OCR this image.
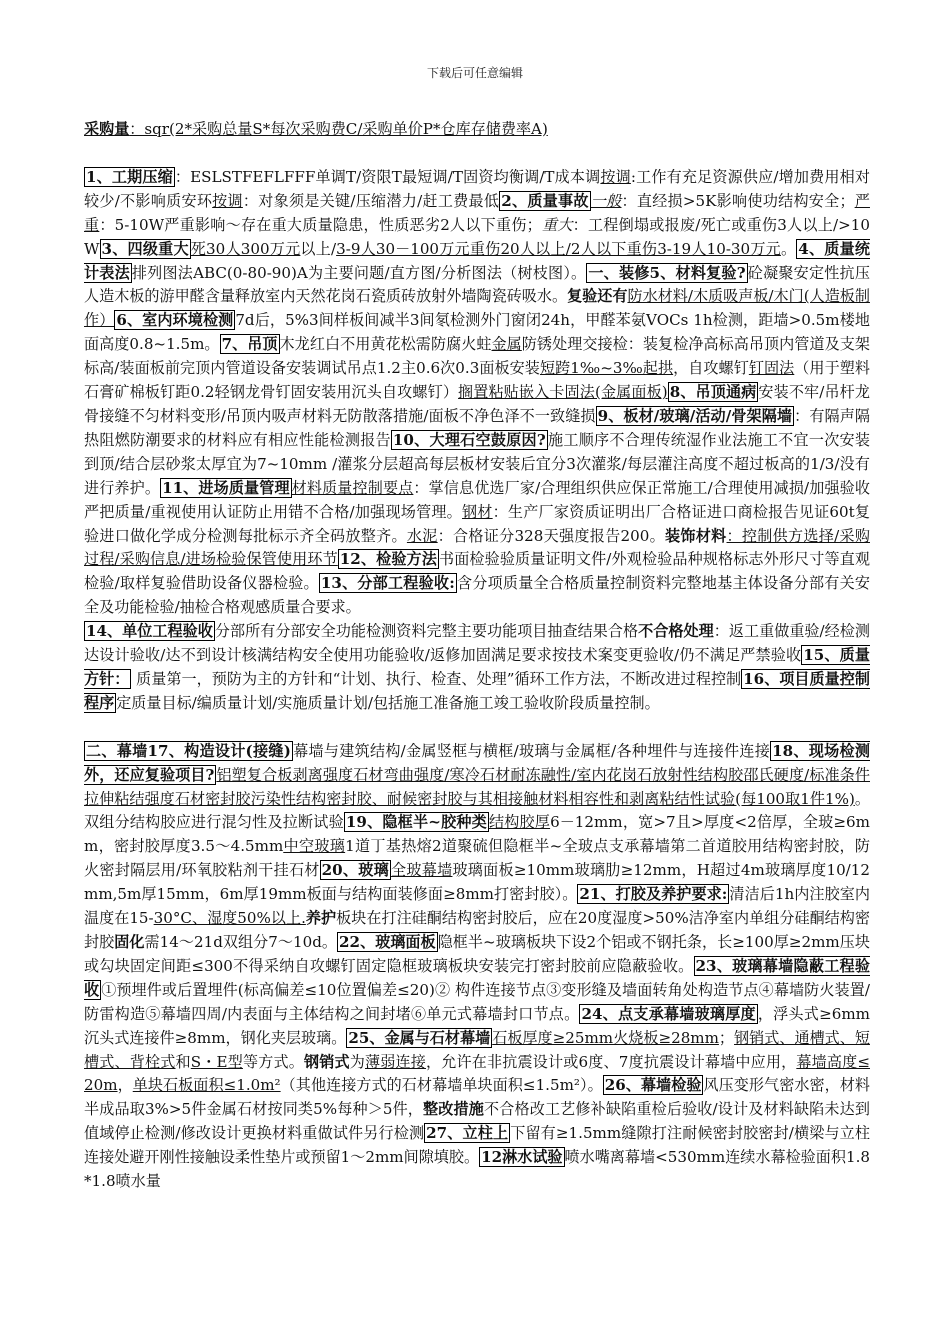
下载后可任意编辑

采购量：sqr(2*采购总量S*每次采购费C/采购单价P*仓库存储费率A)

1、工期压缩 ：ESLSTFEFLFFF单调T/资限T最短调/T固资均衡调/T成本调按调:工作有充足资源供应/增加费用相对较少/不影响质安环按调：对象须是关键/压缩潜力/赶工费最低 2、质量事故 一般：直经损>5K影响使功结构安全；严重：5-10W严重影响～存在重大质量隐患，性质恶劣2人以下重伤；重大：工程倒塌或报废/死亡或重伤3人以上/>10W 3、四级重大 死30人300万元以上/3-9人30－100万元重伤20人以上/2人以下重伤3-19人10-30万元。 4、质量统计表法 排列图法ABC(0-80-90)A为主要问题/直方图/分析图法（树枝图）。 一、装修5、材料复验? 砼凝聚安定性抗压人造木板的游甲醛含量释放室内天然花岗石瓷质砖放射外墙陶瓷砖吸水。复验还有防水材料/木质吸声板/木门(人造板制作） 6、室内环境检测 7d后，5%3间样板间减半3间氡检测外门窗闭24h，甲醛苯氨VOCs 1h检测，距墙>0.5m楼地面高度0.8~1.5m。 7、吊顶 木龙红白不用黄花松需防腐火蛀金属防锈处理交接检：装复检净高标高吊顶内管道及支架标高/装面板前完顶内管道设备安装调试吊点1.2主0.6次0.3面板安装短跨1‰~3‰起拱，自攻螺钉钉固法（用于塑料石膏矿棉板钉距0.2轻钢龙骨钉固安装用沉头自攻螺钉）搁置粘贴嵌入卡固法(金属面板) 8、吊顶通病 安装不牢/吊杆龙骨接缝不匀材料变形/吊顶内吸声材料无防散落措施/面板不净色泽不一致缝损 9、板材/玻璃/活动/骨架隔墙 ：有隔声隔热阻燃防潮要求的材料应有相应性能检测报告 10、大理石空鼓原因? 施工顺序不合理传统湿作业法施工不宜一次安装到顶/结合层砂浆太厚宜为7~10mm /灌浆分层超高每层板材安装后宜分3次灌浆/每层灌注高度不超过板高的1/3/没有进行养护。 11、进场质量管理 材料质量控制要点：掌信息优选厂家/合理组织供应保正常施工/合理使用减损/加强验收严把质量/重视使用认证防止用错不合格/加强现场管理。钢材：生产厂家资质证明出厂合格证进口商检报告见证60t复验进口做化学成分检测每批标示齐全码放整齐。水泥：合格证分328天强度报告200。装饰材料：控制供方选择/采购过程/采购信息/进场检验保管使用环节 12、检验方法 书面检验验质量证明文件/外观检验品种规格标志外形尺寸等直观检验/取样复验借助设备仪器检验。 13、分部工程验收: 含分项质量全合格质量控制资料完整地基主体设备分部有关安全及功能检验/抽检合格观感质量合要求。

14、单位工程验收 分部所有分部安全功能检测资料完整主要功能项目抽查结果合格不合格处理：返工重做重验/经检测达设计验收/达不到设计核满结构安全使用功能验收/返修加固满足要求按技术案变更验收/仍不满足严禁验收 15、质量方针： 质量第一，预防为主的方针和“计划、执行、检查、处理”循环工作方法，不断改进过程控制 16、项目质量控制程序 定质量目标/编质量计划/实施质量计划/包括施工准备施工竣工验收阶段质量控制。

二、幕墙17、构造设计(接缝) 幕墙与建筑结构/金属竖框与横框/玻璃与金属框/各种埋件与连接件连接 18、现场检测外，还应复验项目? 铝塑复合板剥离强度石材弯曲强度/寒冷石材耐冻融性/室内花岗石放射性结构胶邵氏硬度/标准条件拉伸粘结强度石材密封胶污染性结构密封胶、耐候密封胶与其相接触材料相容性和剥离粘结性试验(每100取1件1%)。双组分结构胶应进行混匀性及拉断试验 19、隐框半~胶种类 结构胶厚6－12mm，宽>7且>厚度<2倍厚，全玻≥6mm，密封胶厚度3.5～4.5mm中空玻璃1道丁基热熔2道聚硫但隐框半~全玻点支承幕墙第二首道胶用结构密封胶，防火密封隔层用/环氧胶粘剂干挂石材 20、玻璃 全玻幕墙玻璃面板≥10mm玻璃肋≥12mm，H超过4m玻璃厚度10/12mm,5m厚15mm，6m厚19mm板面与结构面装修面≥8mm打密封胶）。 21、打胶及养护要求: 清洁后1h内注胶室内温度在15-30°C、湿度50%以上.养护板块在打注硅酮结构密封胶后，应在20度湿度>50%洁净室内单组分硅酮结构密封胶固化需14～21d双组分7～10d。 22、玻璃面板 隐框半~玻璃板块下设2个铝或不钢托条，长≥100厚≥2mm压块或勾块固定间距≤300不得采纳自攻螺钉固定隐框玻璃板块安装完打密封胶前应隐蔽验收。 23、玻璃幕墙隐蔽工程验收 ①预埋件或后置埋件(标高偏差≤10位置偏差≤20)② 构件连接节点③变形缝及墙面转角处构造节点④幕墙防火装置/防雷构造⑤幕墙四周/内表面与主体结构之间封堵⑥单元式幕墙封口节点。 24、点支承幕墙玻璃厚度 ，浮头式≥6mm沉头式连接件≥8mm，钢化夹层玻璃。 25、金属与石材幕墙 石板厚度≥25mm火烧板≥28mm；钢销式、通槽式、短槽式、背栓式和S・E型等方式。钢销式为薄弱连接，允许在非抗震设计或6度、7度抗震设计幕墙中应用，幕墙高度≤20m，单块石板面积≤1.0m²（其他连接方式的石材幕墙单块面积≤1.5m²）。 26、幕墙检验 风压变形气密水密，材料半成品取3%>5件金属石材按同类5%每种＞5件，整改措施不合格改工艺修补缺陷重检后验收/设计及材料缺陷未达到值域停止检测/修改设计更换材料重做试件另行检测 27、立柱上 下留有≥1.5mm缝隙打注耐候密封胶密封/横梁与立柱连接处避开刚性接触设柔性垫片或预留1～2mm间隙填胶。 12淋水试验 喷水嘴离幕墙<530mm连续水幕检验面积1.8*1.8喷水量
